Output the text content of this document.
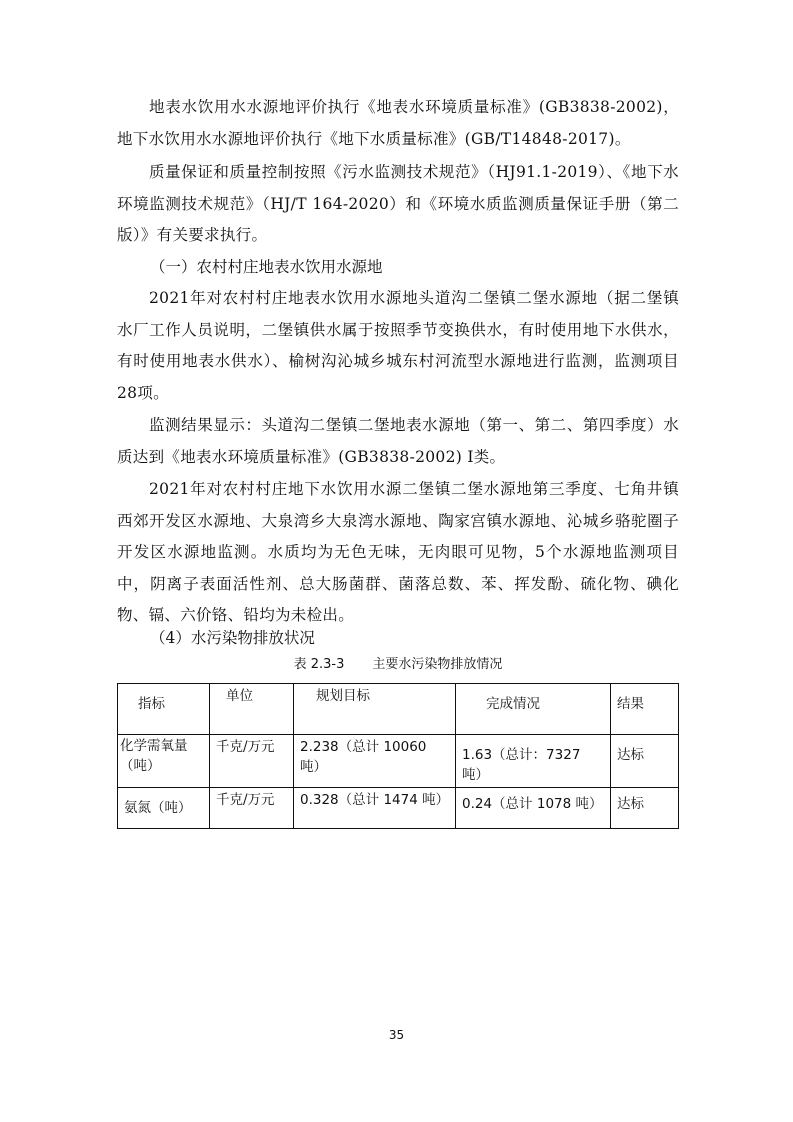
地表水饮用水水源地评价执行《地表水环境质量标准》(GB3838-2002)，地下水饮用水水源地评价执行《地下水质量标准》(GB/T14848-2017)。

质量保证和质量控制按照《污水监测技术规范》（HJ91.1-2019）、《地下水环境监测技术规范》（HJ/T 164-2020）和《环境水质监测质量保证手册（第二版）》有关要求执行。

（一）农村村庄地表水饮用水源地

2021年对农村村庄地表水饮用水源地头道沟二堡镇二堡水源地（据二堡镇水厂工作人员说明，二堡镇供水属于按照季节变换供水，有时使用地下水供水，有时使用地表水供水）、榆树沟沁城乡城东村河流型水源地进行监测，监测项目28项。

监测结果显示：头道沟二堡镇二堡地表水源地（第一、第二、第四季度）水质达到《地表水环境质量标准》(GB3838-2002) Ⅰ类。

2021年对农村村庄地下水饮用水源二堡镇二堡水源地第三季度、七角井镇西郊开发区水源地、大泉湾乡大泉湾水源地、陶家宫镇水源地、沁城乡骆驼圈子开发区水源地监测。水质均为无色无味，无肉眼可见物，5个水源地监测项目中，阴离子表面活性剂、总大肠菌群、菌落总数、苯、挥发酚、硫化物、碘化物、镉、六价铬、铅均为未检出。

（4）水污染物排放状况

表 2.3-3 主要水污染物排放情况
指标	单位	规划目标	完成情况	结果
化学需氧量（吨）	千克/万元	2.238（总计 10060 吨）	1.63（总计：7327 吨）	达标
氨氮（吨）	千克/万元	0.328（总计 1474 吨）	0.24（总计 1078 吨）	达标
35
